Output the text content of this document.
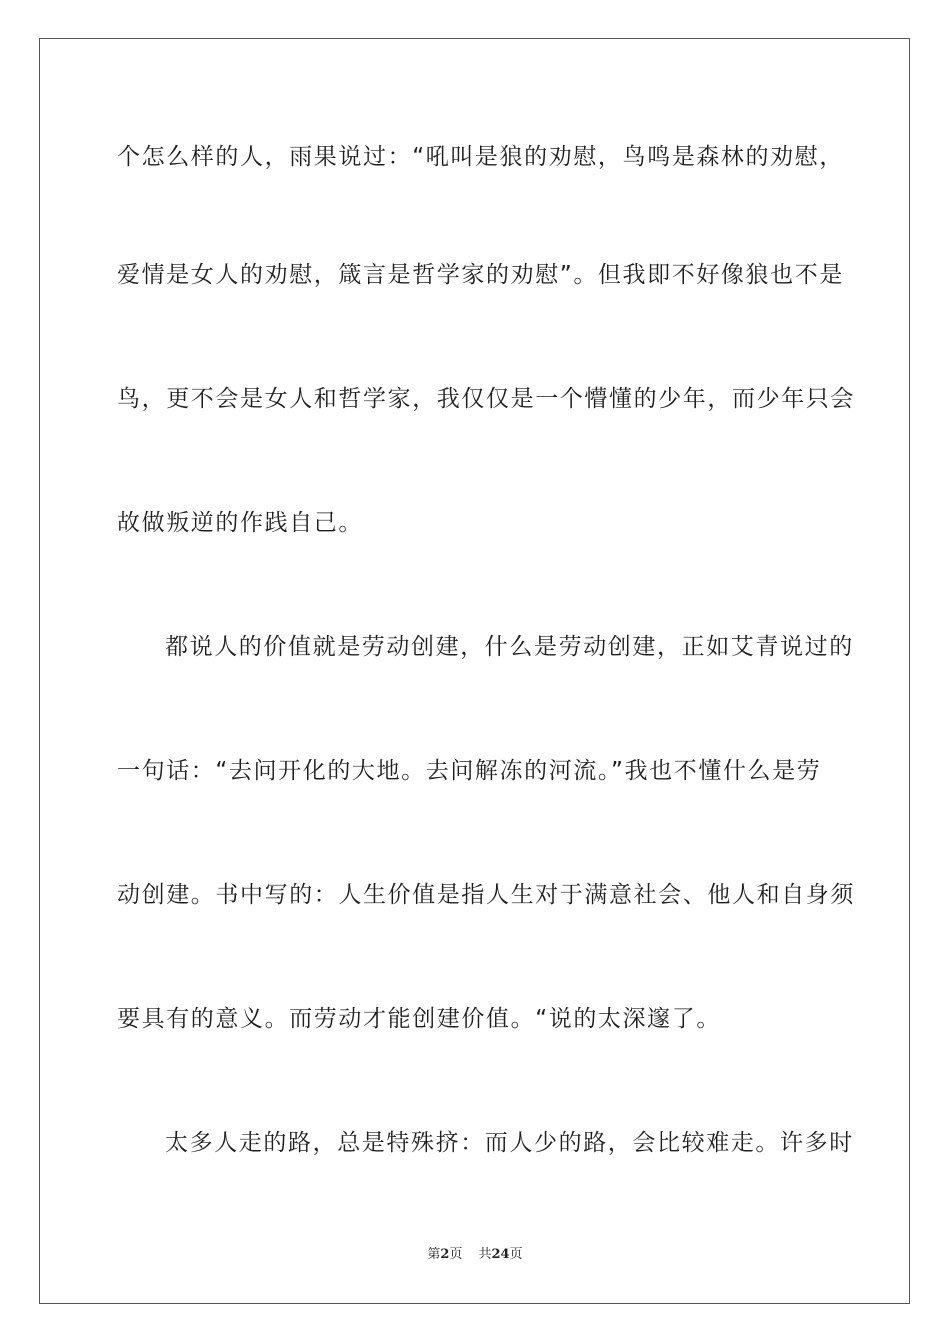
个怎么样的人，雨果说过：“吼叫是狼的劝慰，鸟鸣是森林的劝慰，
爱情是女人的劝慰，箴言是哲学家的劝慰”。但我即不好像狼也不是
鸟，更不会是女人和哲学家，我仅仅是一个懵懂的少年，而少年只会
故做叛逆的作践自己。
都说人的价值就是劳动创建，什么是劳动创建，正如艾青说过的
一句话：“去问开化的大地。去问解冻的河流。”我也不懂什么是劳
动创建。书中写的：人生价值是指人生对于满意社会、他人和自身须
要具有的意义。而劳动才能创建价值。“说的太深邃了。
太多人走的路，总是特殊挤：而人少的路，会比较难走。许多时
第2页 共24页
